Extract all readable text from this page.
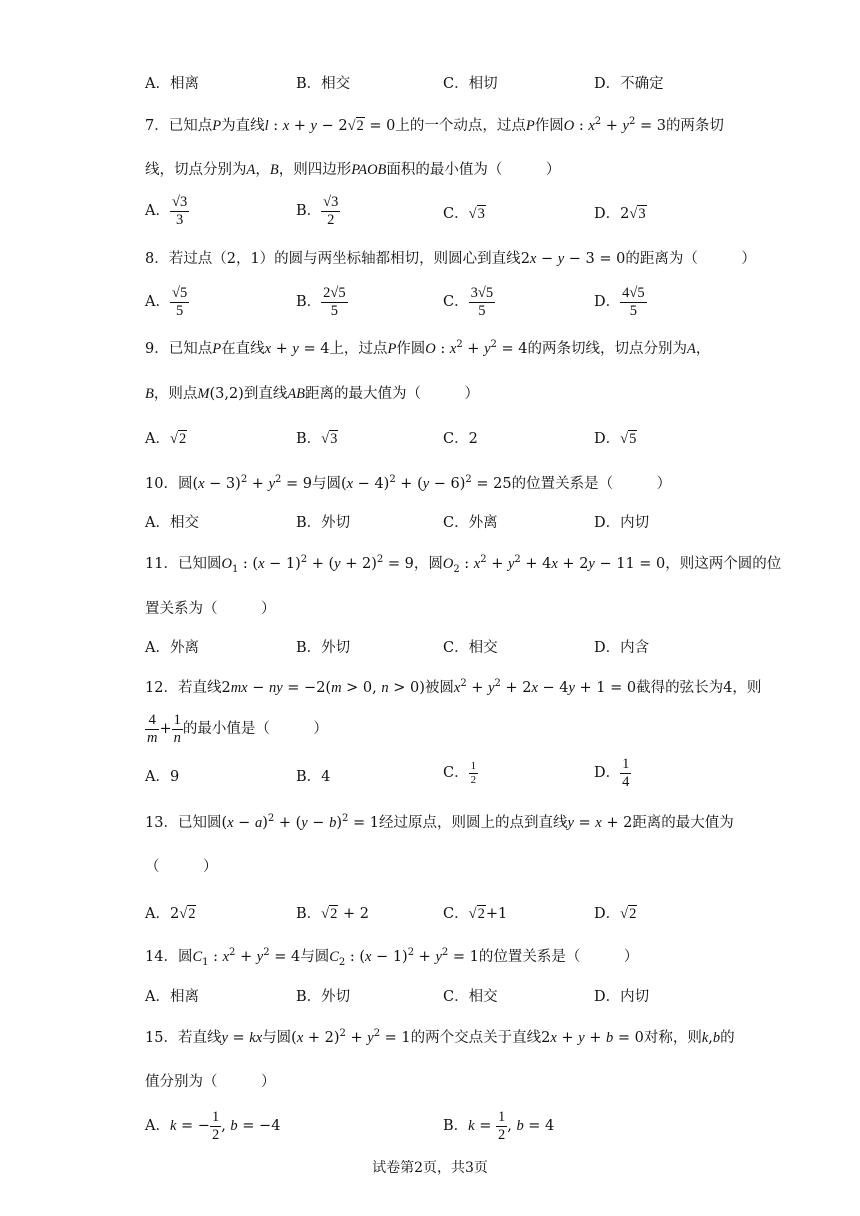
A．相离	B．相交	C．相切	D．不确定
7．已知点P为直线l : x + y − 2√2 = 0上的一个动点，过点P作圆O : $x^2 + y^2 = 3$的两条切
线，切点分别为A，B，则四边形PAOB面积的最小值为（　　　）
A． $\frac{√3}{3}$	B． $\frac{√3}{2}$	C．√3	D．2√3
8．若过点（2，1）的圆与两坐标轴都相切，则圆心到直线2x − y − 3 = 0的距离为（　　　）
A． $\frac{√5}{5}$	B． $\frac{2√5}{5}$	C． $\frac{3√5}{5}$	D． $\frac{4√5}{5}$
9．已知点P在直线x + y = 4上，过点P作圆O : $x^2 + y^2 = 4$的两条切线，切点分别为A，
B，则点M(3,2)到直线AB距离的最大值为（　　　）
A．√2	B．√3	C．2	D．√5
10．圆$(x - 3)^2 + y^2 = 9$与圆$(x - 4)^2 + (y - 6)^2 = 25$的位置关系是（　　　）
A．相交	B．外切	C．外离	D．内切
11．已知圆$O_1$ : $(x - 1)^2 + (y + 2)^2 = 9$，圆$O_2$ : $x^2 + y^2 + 4x + 2y - 11 = 0$，则这两个圆的位
置关系为（　　　）
A．外离	B．外切	C．相交	D．内含
12．若直线2mx − ny = −2(m > 0, n > 0)被圆$x^2 + y^2 + 2x - 4y + 1 = 0$截得的弦长为4，则
$\frac{4}{m} + \frac{1}{n}$ 的最小值是（　　　）
A．9	B．4	C． $\frac{1}{2}$	D． $\frac{1}{4}$
13．已知圆$(x - a)^2 + (y - b)^2 = 1$经过原点，则圆上的点到直线y = x + 2距离的最大值为
（　　　）
A．2√2	B．√2 + 2	C．√2+1	D．√2
14．圆$C_1$ : $x^2 + y^2 = 4$与圆$C_2$ : $(x - 1)^2 + y^2 = 1$的位置关系是（　　　）
A．相离	B．外切	C．相交	D．内切
15．若直线y = kx与圆$(x + 2)^2 + y^2 = 1$的两个交点关于直线2x + y + b = 0对称，则k,b的
值分别为（　　　）
A．k = − $\frac{1}{2}$ , b = −4	B．$k = \frac{1}{2}$ , b = 4
试卷第2页，共3页
